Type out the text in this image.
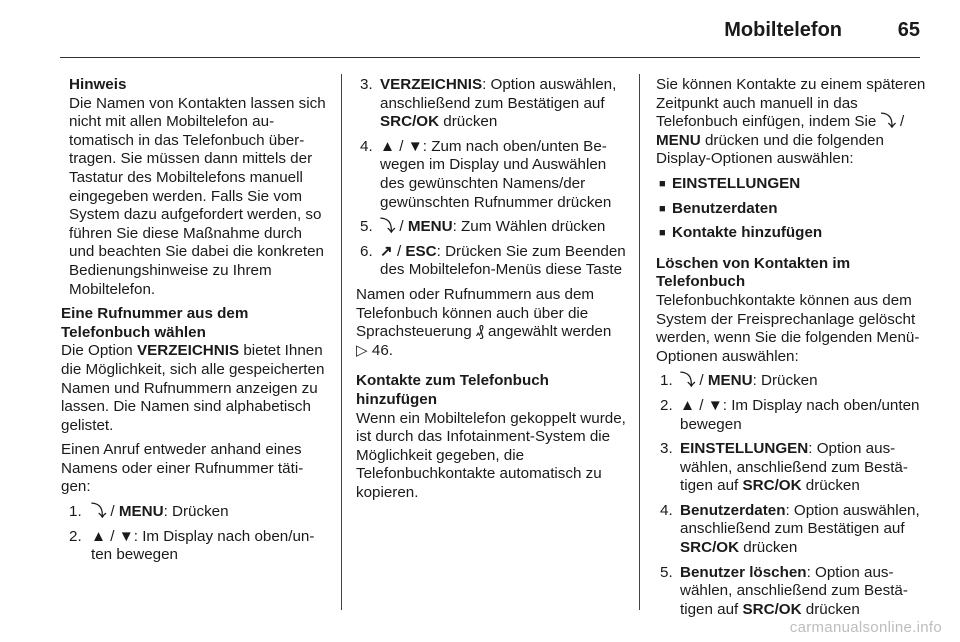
Mobiltelefon	65
Hinweis
Die Namen von Kontakten lassen sich nicht mit allen Mobiltelefon automatisch in das Telefonbuch übertragen. Sie müssen dann mittels der Tastatur des Mobiltelefons manuell eingegeben werden. Falls Sie vom System dazu aufgefordert werden, so führen Sie diese Maßnahme durch und beachten Sie dabei die konkreten Bedienungshinweise zu Ihrem Mobiltelefon.
Eine Rufnummer aus dem Telefonbuch wählen

Die Option VERZEICHNIS bietet Ihnen die Möglichkeit, sich alle gespeicherten Namen und Rufnummern anzeigen zu lassen. Die Namen sind alphabetisch gelistet.

Einen Anruf entweder anhand eines Namens oder einer Rufnummer tätigen:

1. ⤵ / MENU: Drücken
2. ▲ / ▼: Im Display nach oben/unten bewegen
3. VERZEICHNIS: Option auswählen, anschließend zum Bestätigen auf SRC/OK drücken
4. ▲ / ▼: Zum nach oben/unten Bewegen im Display und Auswählen des gewünschten Namens/der gewünschten Rufnummer drücken
5. ⤵ / MENU: Zum Wählen drücken
6. ↗ / ESC: Drücken Sie zum Beenden des Mobiltelefon-Menüs diese Taste

Namen oder Rufnummern aus dem Telefonbuch können auch über die Sprachsteuerung ₰ angewählt werden ▷ 46.

Kontakte zum Telefonbuch hinzufügen

Wenn ein Mobiltelefon gekoppelt wurde, ist durch das Infotainment-System die Möglichkeit gegeben, die Telefonbuchkontakte automatisch zu kopieren.

Sie können Kontakte zu einem späteren Zeitpunkt auch manuell in das Telefonbuch einfügen, indem Sie ⤵ / MENU drücken und die folgenden Display-Optionen auswählen:

■ EINSTELLUNGEN
■ Benutzerdaten
■ Kontakte hinzufügen
Löschen von Kontakten im Telefonbuch

Telefonbuchkontakte können aus dem System der Freisprechanlage gelöscht werden, wenn Sie die folgenden Menü-Optionen auswählen:

1. ⤵ / MENU: Drücken
2. ▲ / ▼: Im Display nach oben/unten bewegen
3. EINSTELLUNGEN: Option auswählen, anschließend zum Bestätigen auf SRC/OK drücken
4. Benutzerdaten: Option auswählen, anschließend zum Bestätigen auf SRC/OK drücken
5. Benutzer löschen: Option auswählen, anschließend zum Bestätigen auf SRC/OK drücken
carmanualsonline.info
